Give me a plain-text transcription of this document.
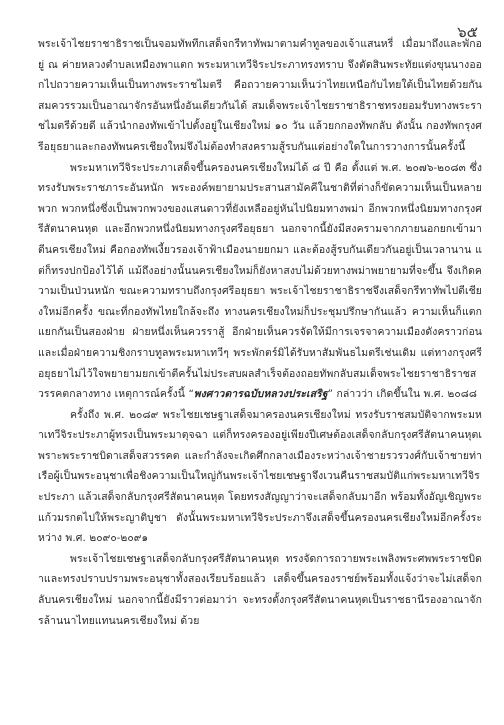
๖๕

พระเจ้าไชยราชาธิราชเป็นจอมทัพทีกเสด็จกรีทาทัพมาตามคำทูลของเจ้าแสนหรี่ เมื่อมาถึงและพักอยู่ ณ ค่ายหลวงตำบลเหมืองพาแตก พระมหาเทวีจิระประภาทรงทราบ จึงตัดสินพระทัยแต่งขุนนางออกไปถวายความเห็นเป็นทางพระราชไมตรี คือถวายความเห็นว่าไทยเหนือกับไทยใต้เป็นไทยด้วยกัน สมควรรวมเป็นอาณาจักรอันหนึ่งอันเดียวกันได้ สมเด็จพระเจ้าไชยราชาธิราชทรงยอมรับทางพระราชไมตรีด้วยดี แล้วนำกองทัพเข้าไปตั้งอยู่ในเชียงใหม่ ๑๐ วัน แล้วยกกองทัพกลับ ดังนั้น กองทัพกรุงศรีอยุธยาและกองทัพนครเชียงใหม่จึงไม่ต้องทำสงครามสู้รบกันแต่อย่างใดในการวางการนั้นครั้งนี้

พระมหาเทวีจิระประภาเสด็จขึ้นครองนครเชียงใหม่ได้ ๘ ปี คือ ตั้งแต่ พ.ศ. ๒๐๗๖-๒๐๘๓ ซึ่งทรงรับพระราชภาระอันหนัก พระองค์พยายามประสานสามัคคีในชาติที่ต่างก็ขัดความเห็นเป็นหลายพวก พวกหนึ่งซึ่งเป็นพวกพวงของแสนดาวที่ยังเหลืออยู่หันไปนิยมทางพม่า อีกพวกหนึ่งนิยมทางกรุงศรีสัตนาคนหุต และอีกพวกหนึ่งนิยมทางกรุงศรีอยุธยา นอกจากนี้ยังมีสงครามจากภายนอกยกเข้ามาตีนครเชียงใหม่ คือกองทัพเงี้ยวรองเจ้าฟ้าเมืองนายยกมา และต้องสู้รบกันเดียวกันอยู่เป็นเวลานาน แต่ก็ทรงปกป้องไว้ได้ แม้ถึงอย่างนั้นนครเชียงใหม่ก็ยังหาสงบไม่ด้วยทางพม่าพยายามที่จะขึ้น จึงเกิดความเป็นป่วนหนัก ขณะความทราบถึงกรุงศรีอยุธยา พระเจ้าไชยราชาธิราชจึงเสด็จกรีทาทัพไปตีเชียงใหม่อีกครั้ง ขณะที่กองทัพไทยใกล้จะถึง ทางนครเชียงใหม่ก็ประชุมปรึกษากันแล้ว ความเห็นก็แตกแยกกันเป็นสองฝ่าย ฝ่ายหนึ่งเห็นควรราสู้ อีกฝ่ายเห็นควรจัดให้มีการเจรจาความเมืองดังคราวก่อน และเมื่อฝ่ายความชิงกราบทูลพระมหาเทวีๆ พระพักตร์มิได้รับหาสัมพันธไมตรีเช่นเดิม แต่ทางกรุงศรีอยุธยาไม่ไว้ใจพยายามยกเข้าตีครั้นไม่ประสบผลสำเร็จต้องถอยทัพกลับสมเด็จพระไชยราชาธิราชสวรรคตกลางทาง เหตุการณ์ครั้งนี้ “พงศาวดารฉบับหลวงประเสริฐ” กล่าวว่า เกิดขึ้นใน พ.ศ. ๒๐๘๘

ครั้งถึง พ.ศ. ๒๐๘๙ พระไชยเชษฐาเสด็จมาครองนครเชียงใหม่ ทรงรับราชสมบัติจากพระมหาเทวีจิระประภาผู้ทรงเป็นพระมาตุจฉา แต่ก็ทรงครองอยู่เพียงปีเศษต้องเสด็จกลับกรุงศรีสัตนาคนหุตเพราะพระราชบิดาเสด็จสวรรคต และกำลังจะเกิดศึกกลางเมืองระหว่างเจ้าชายรวรวงศ์กับเจ้าชายท่าเรือผู้เป็นพระอนุชาเพื่อชิงความเป็นใหญ่กันพระเจ้าไชยเชษฐาจึงเวนคืนราชสมบัติแก่พระมหาเทวีจิระประภา แล้วเสด็จกลับกรุงศรีสัตนาคนหุต โดยทรงสัญญาว่าจะเสด็จกลับมาอีก พร้อมทั้งอัญเชิญพระแก้วมรกตไปให้พระญาติบูชา ดังนั้นพระมหาเทวีจิระประภาจึงเสด็จขึ้นครองนครเชียงใหม่อีกครั้งระหว่าง พ.ศ. ๒๐๙๐-๒๐๙๑

พระเจ้าไชยเชษฐาเสด็จกลับกรุงศรีสัตนาคนหุต ทรงจัดการถวายพระเพลิงพระศพพระราชบิดาและทรงปราบปรามพระอนุชาทั้งสองเรียบร้อยแล้ว เสด็จขึ้นครองราชย์พร้อมทั้งแจ้งว่าจะไม่เสด็จกลับนครเชียงใหม่ นอกจากนี้ยังมีราวต่อมาว่า จะทรงตั้งกรุงศรีสัตนาคนหุตเป็นราชธานีรองอาณาจักรล้านนาไทยแทนนครเชียงใหม่ ด้วย
